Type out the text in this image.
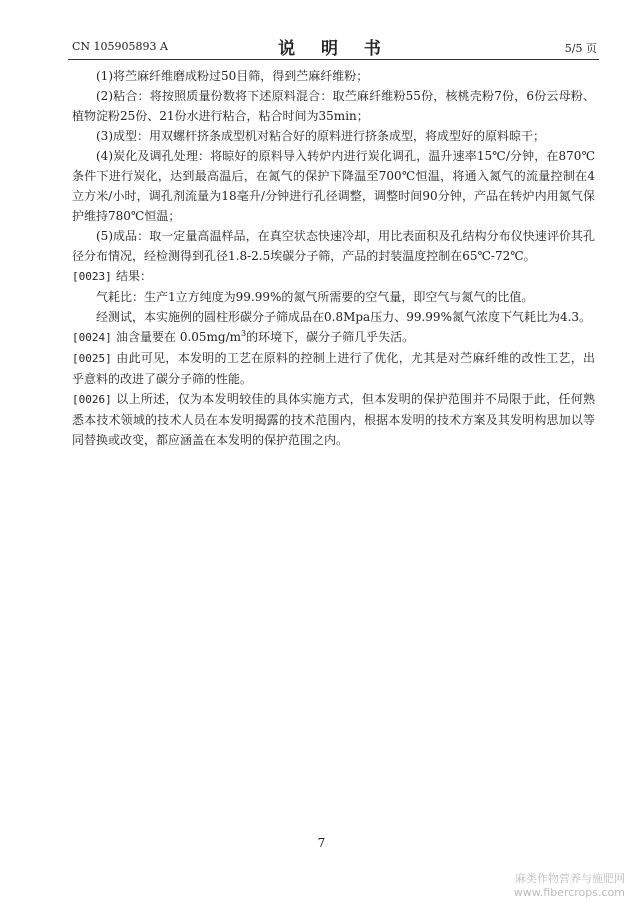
CN 105905893 A	说 明 书	5/5 页

(1)将苎麻纤维磨成粉过50目筛，得到苎麻纤维粉；

(2)粘合：将按照质量份数将下述原料混合：取苎麻纤维粉55份，核桃壳粉7份，6份云母粉、植物淀粉25份、21份水进行粘合，粘合时间为35min；

(3)成型：用双螺杆挤条成型机对粘合好的原料进行挤条成型，将成型好的原料晾干；

(4)炭化及调孔处理：将晾好的原料导入转炉内进行炭化调孔，温升速率15℃/分钟，在870℃条件下进行炭化，达到最高温后，在氮气的保护下降温至700℃恒温，将通入氮气的流量控制在4立方米/小时，调孔剂流量为18毫升/分钟进行孔径调整，调整时间90分钟，产品在转炉内用氮气保护维持780℃恒温；

(5)成品：取一定量高温样品，在真空状态快速冷却，用比表面积及孔结构分布仪快速评价其孔径分布情况，经检测得到孔径1.8-2.5埃碳分子筛，产品的封装温度控制在65℃-72℃。

[0023] 结果：

气耗比：生产1立方纯度为99.99%的氮气所需要的空气量，即空气与氮气的比值。

经测试，本实施例的圆柱形碳分子筛成品在0.8Mpa压力、99.99%氮气浓度下气耗比为4.3。

[0024] 油含量要在 $0.05mg/m^3$的环境下，碳分子筛几乎失活。

[0025] 由此可见，本发明的工艺在原料的控制上进行了优化，尤其是对苎麻纤维的改性工艺，出乎意料的改进了碳分子筛的性能。

[0026] 以上所述，仅为本发明较佳的具体实施方式，但本发明的保护范围并不局限于此，任何熟悉本技术领域的技术人员在本发明揭露的技术范围内，根据本发明的技术方案及其发明构思加以等同替换或改变，都应涵盖在本发明的保护范围之内。

7
麻类作物营养与施肥网
www.fibercrops.com
